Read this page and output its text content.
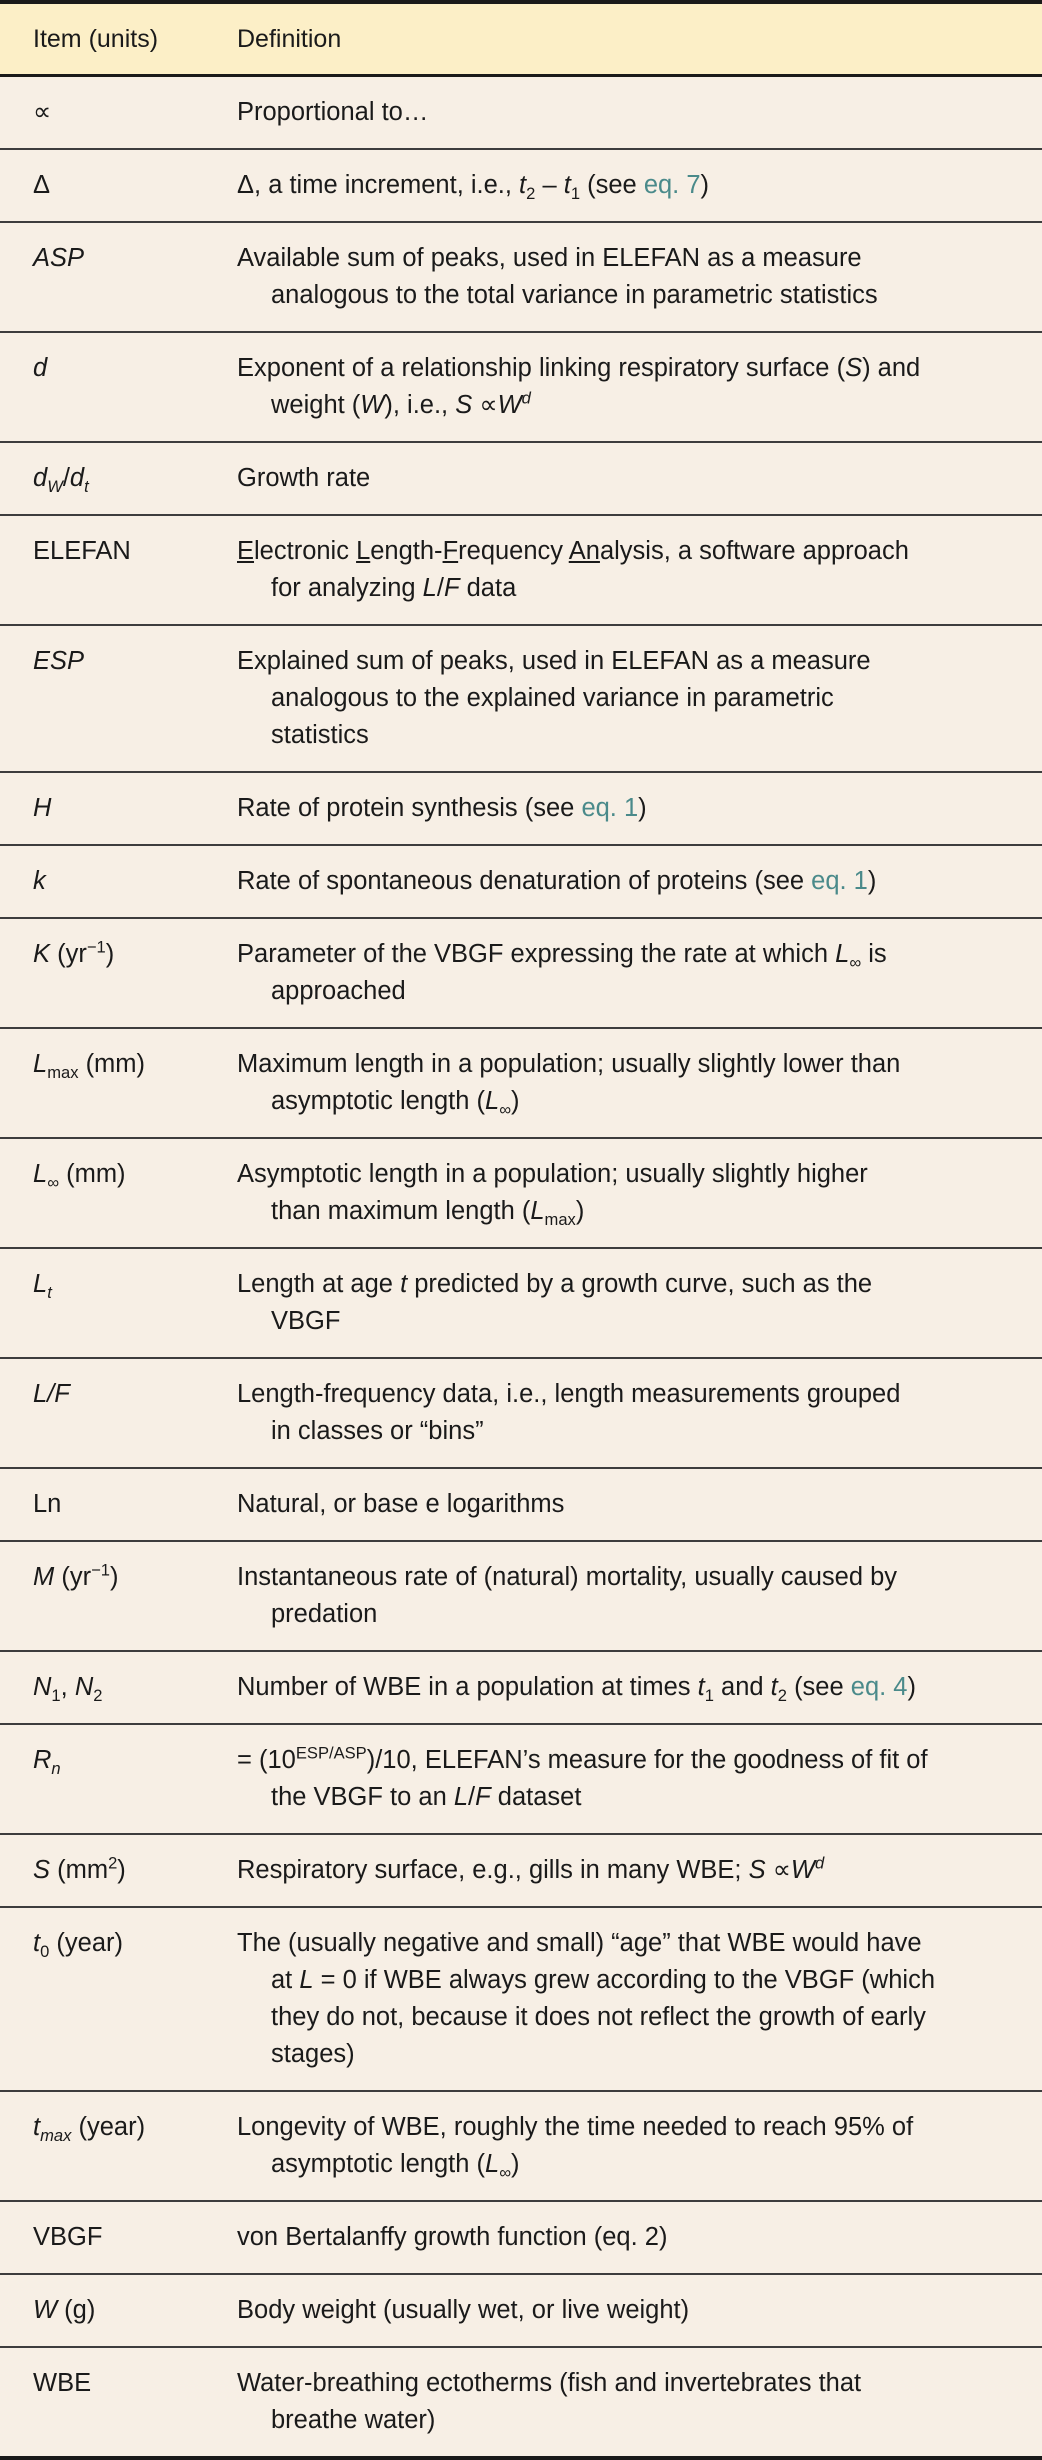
Item (units)	Definition
∝	Proportional to…
Δ	Δ, a time increment, i.e., $t_2 - t_1$ (see eq. 7)
ASP	Available sum of peaks, used in ELEFAN as a measure
analogous to the total variance in parametric statistics
d	Exponent of a relationship linking respiratory surface (S) and
weight (W), i.e., $S \propto W^d$
$d_W/d_t$	Growth rate
ELEFAN	Electronic Length-Frequency Analysis, a software approach
for analyzing L/F data
ESP	Explained sum of peaks, used in ELEFAN as a measure
analogous to the explained variance in parametric
statistics
H	Rate of protein synthesis (see eq. 1)
k	Rate of spontaneous denaturation of proteins (see eq. 1)
K $(yr^{-1})$	Parameter of the VBGF expressing the rate at which $L_\infty$ is
approached
$L_{max}$ (mm)	Maximum length in a population; usually slightly lower than
asymptotic length $(L_\infty)$
$L_\infty$ (mm)	Asymptotic length in a population; usually slightly higher
than maximum length $(L_{max})$
$L_t$	Length at age t predicted by a growth curve, such as the
VBGF
L/F	Length-frequency data, i.e., length measurements grouped
in classes or “bins”
Ln	Natural, or base e logarithms
M $(yr^{-1})$	Instantaneous rate of (natural) mortality, usually caused by
predation
$N_1$, $N_2$	Number of WBE in a population at times $t_1$ and $t_2$ (see eq. 4)
$R_n$	= $(10^{ESP/ASP})/10$, ELEFAN’s measure for the goodness of fit of
the VBGF to an L/F dataset
S $(mm^2)$	Respiratory surface, e.g., gills in many WBE; $S \propto W^d$
$t_0$ (year)	The (usually negative and small) “age” that WBE would have
at L = 0 if WBE always grew according to the VBGF (which
they do not, because it does not reflect the growth of early
stages)
$t_{max}$ (year)	Longevity of WBE, roughly the time needed to reach 95% of
asymptotic length $(L_\infty)$
VBGF	von Bertalanffy growth function (eq. 2)
W (g)	Body weight (usually wet, or live weight)
WBE	Water-breathing ectotherms (fish and invertebrates that
breathe water)
